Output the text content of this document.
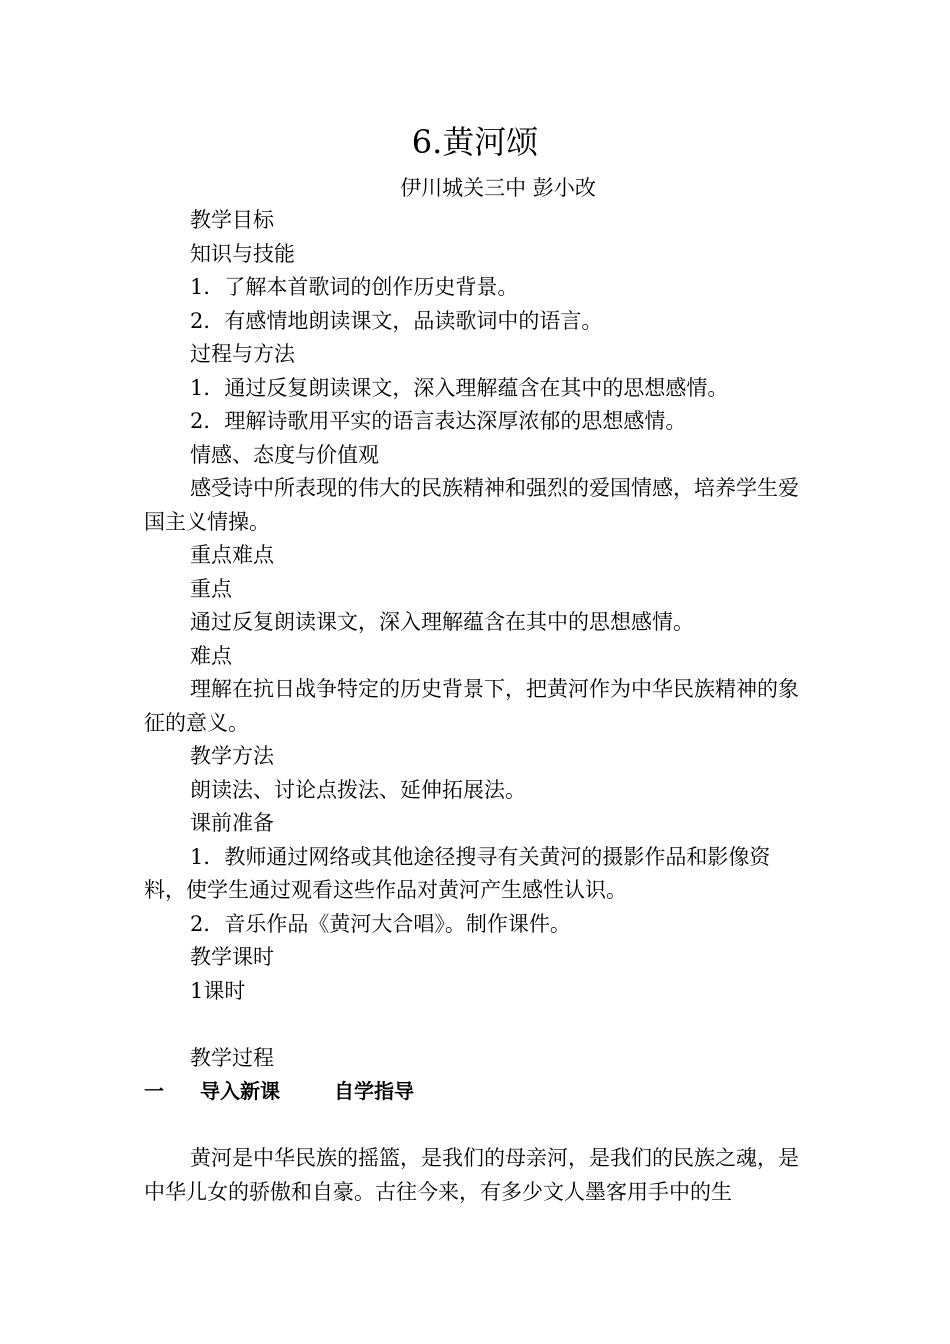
6.黄河颂
伊川城关三中 彭小改

教学目标

知识与技能

1．了解本首歌词的创作历史背景。

2．有感情地朗读课文，品读歌词中的语言。

过程与方法

1．通过反复朗读课文，深入理解蕴含在其中的思想感情。

2．理解诗歌用平实的语言表达深厚浓郁的思想感情。

情感、态度与价值观

感受诗中所表现的伟大的民族精神和强烈的爱国情感，培养学生爱国主义情操。

重点难点

重点

通过反复朗读课文，深入理解蕴含在其中的思想感情。

难点

理解在抗日战争特定的历史背景下，把黄河作为中华民族精神的象征的意义。

教学方法

朗读法、讨论点拨法、延伸拓展法。

课前准备

1．教师通过网络或其他途径搜寻有关黄河的摄影作品和影像资料，使学生通过观看这些作品对黄河产生感性认识。

2．音乐作品《黄河大合唱》。制作课件。

教学课时

1课时

教学过程

一 导入新课	自学指导

黄河是中华民族的摇篮，是我们的母亲河，是我们的民族之魂，是中华儿女的骄傲和自豪。古往今来，有多少文人墨客用手中的生
